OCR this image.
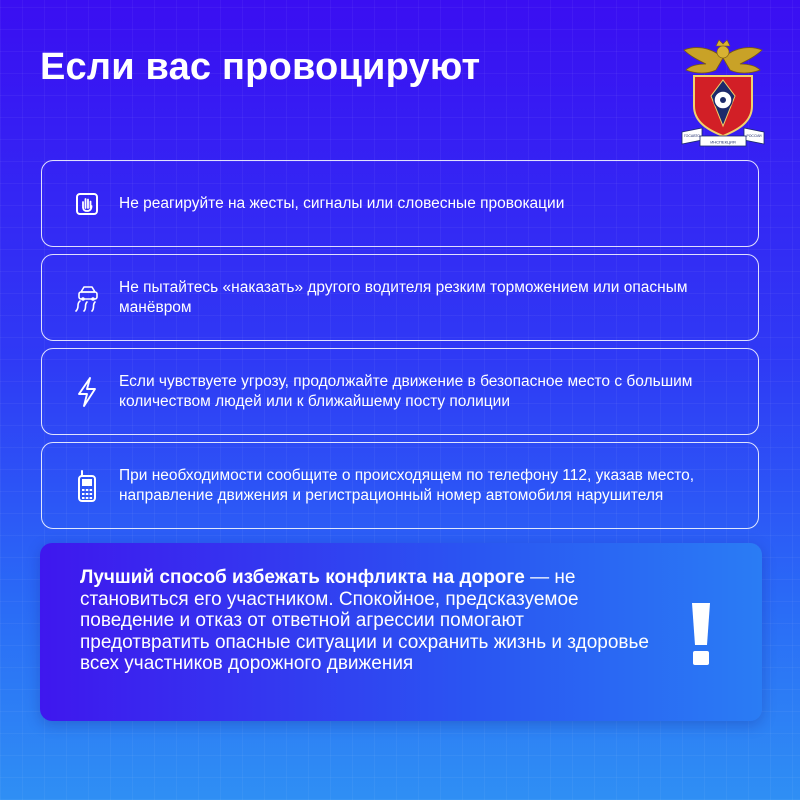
Если вас провоцируют
ГОСАВТО
ИНСПЕКЦИЯ
РОССИИ
Не реагируйте на жесты, сигналы или словесные провокации
Не пытайтесь «наказать» другого водителя резким торможением или опасным манёвром
Если чувствуете угрозу, продолжайте движение в безопасное место с большим количеством людей или к ближайшему посту полиции
При необходимости сообщите о происходящем по телефону 112, указав место, направление движения и регистрационный номер автомобиля нарушителя
Лучший способ избежать конфликта на дороге — не становиться его участником. Спокойное, предсказуемое поведение и отказ от ответной агрессии помогают предотвратить опасные ситуации и сохранить жизнь и здоровье всех участников дорожного движения
